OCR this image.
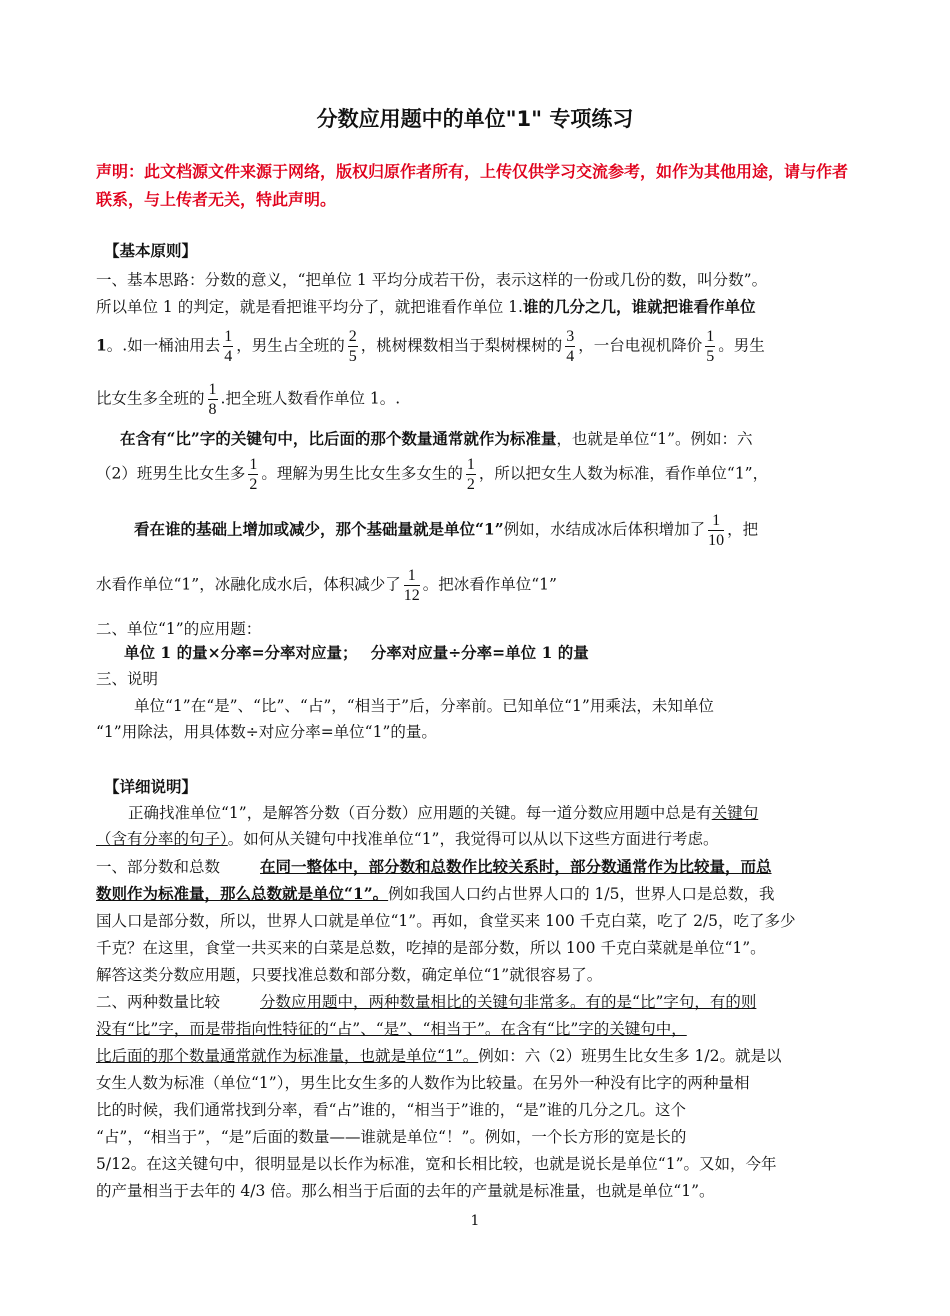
分数应用题中的单位"1" 专项练习
声明：此文档源文件来源于网络，版权归原作者所有，上传仅供学习交流参考，如作为其他用途，请与作者联系，与上传者无关，特此声明。
【基本原则】
一、基本思路：分数的意义，“把单位 1 平均分成若干份，表示这样的一份或几份的数，叫分数”。
所以单位 1 的判定，就是看把谁平均分了，就把谁看作单位 1.谁的几分之几，谁就把谁看作单位
1。.如一桶油用去 $\frac{1}{4}$ ，男生占全班的 $\frac{2}{5}$ ，桃树棵数相当于梨树棵树的 $\frac{3}{4}$ ，一台电视机降价 $\frac{1}{5}$ 。男生
比女生多全班的 $\frac{1}{8}$ .把全班人数看作单位 1。.
在含有“比”字的关键句中，比后面的那个数量通常就作为标准量，也就是单位“1”。例如：六
（2）班男生比女生多 $\frac{1}{2}$ 。理解为男生比女生多女生的 $\frac{1}{2}$ ，所以把女生人数为标准，看作单位“1”，
看在谁的基础上增加或减少，那个基础量就是单位“1”例如，水结成冰后体积增加了 $\frac{1}{10}$ ，把
水看作单位“1”，冰融化成水后，体积减少了 $\frac{1}{12}$ 。把冰看作单位“1”
二、单位“1”的应用题：
单位 1 的量×分率=分率对应量；　 分率对应量÷分率=单位 1 的量
三、说明
单位“1”在“是”、“比”、“占”，“相当于”后，分率前。已知单位“1”用乘法，未知单位
“1”用除法，用具体数÷对应分率=单位“1”的量。
【详细说明】
正确找准单位“1”，是解答分数（百分数）应用题的关键。每一道分数应用题中总是有关键句
（含有分率的句子）。如何从关键句中找准单位“1”，我觉得可以从以下这些方面进行考虑。
一、部分数和总数	在同一整体中，部分数和总数作比较关系时，部分数通常作为比较量，而总
数则作为标准量，那么总数就是单位“1”。例如我国人口约占世界人口的 1/5，世界人口是总数，我
国人口是部分数，所以，世界人口就是单位“1”。再如，食堂买来 100 千克白菜，吃了 2/5，吃了多少
千克？在这里，食堂一共买来的白菜是总数，吃掉的是部分数，所以 100 千克白菜就是单位“1”。
解答这类分数应用题，只要找准总数和部分数，确定单位“1”就很容易了。
二、两种数量比较	分数应用题中，两种数量相比的关键句非常多。有的是“比”字句，有的则
没有“比”字，而是带指向性特征的“占”、“是”、“相当于”。在含有“比”字的关键句中，
比后面的那个数量通常就作为标准量，也就是单位“1”。例如：六（2）班男生比女生多 1/2。就是以
女生人数为标准（单位“1”），男生比女生多的人数作为比较量。在另外一种没有比字的两种量相
比的时候，我们通常找到分率，看“占”谁的，“相当于”谁的，“是”谁的几分之几。这个
“占”，“相当于”，“是”后面的数量——谁就是单位“！”。例如，一个长方形的宽是长的
5/12。在这关键句中，很明显是以长作为标准，宽和长相比较，也就是说长是单位“1”。又如，今年
的产量相当于去年的 4/3 倍。那么相当于后面的去年的产量就是标准量，也就是单位“1”。
1
